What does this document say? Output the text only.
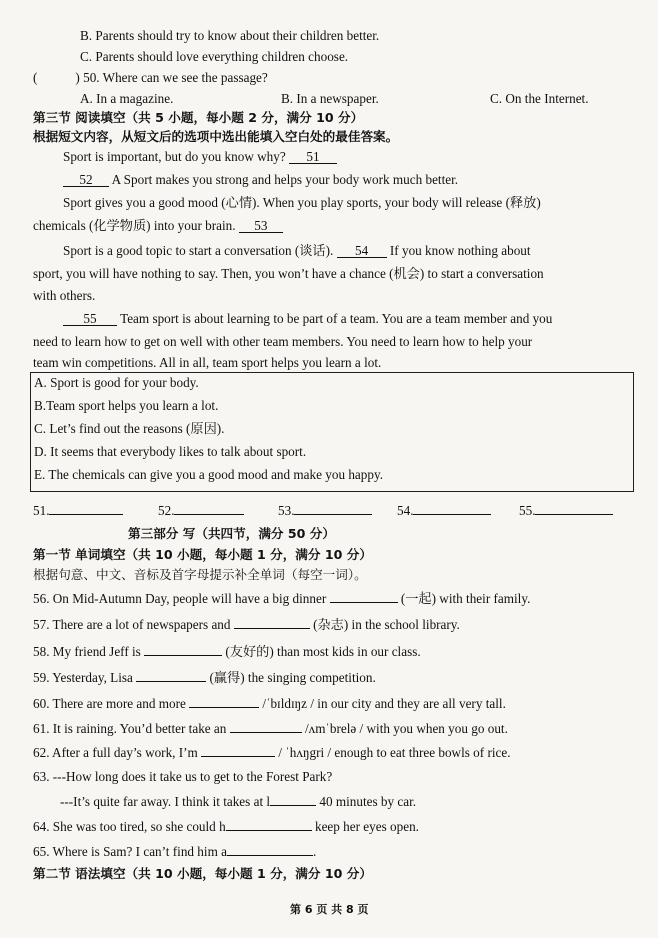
B. Parents should try to know about their children better.
C. Parents should love everything children choose.
(	) 50. Where can we see the passage?
A. In a magazine.	B. In a newspaper.	C. On the Internet.
第三节 阅读填空（共 5 小题，每小题 2 分，满分 10 分）
根据短文内容，从短文后的选项中选出能填入空白处的最佳答案。
Sport is important, but do you know why? 51
52 A Sport makes you strong and helps your body work much better.
Sport gives you a good mood (心情). When you play sports, your body will release (释放)
chemicals (化学物质) into your brain. 53
Sport is a good topic to start a conversation (谈话). 54 If you know nothing about
sport, you will have nothing to say. Then, you won’t have a chance (机会) to start a conversation
with others.
55 Team sport is about learning to be part of a team. You are a team member and you
need to learn how to get on well with other team members. You need to learn how to help your
team win competitions. All in all, team sport helps you learn a lot.
A. Sport is good for your body.
B.Team sport helps you learn a lot.
C. Let’s find out the reasons (原因).
D. It seems that everybody likes to talk about sport.
E. The chemicals can give you a good mood and make you happy.
51.	52.	53.	54.	55.
第三部分 写（共四节，满分 50 分）
第一节 单词填空（共 10 小题，每小题 1 分，满分 10 分）
根据句意、中文、音标及首字母提示补全单词（每空一词）。
56. On Mid-Autumn Day, people will have a big dinner	(一起) with their family.
57. There are a lot of newspapers and	(杂志) in the school library.
58. My friend Jeff is	(友好的) than most kids in our class.
59. Yesterday, Lisa	(赢得) the singing competition.
60. There are more and more	/ˈbɪldɪŋz / in our city and they are all very tall.
61. It is raining. You’d better take an	/ʌmˈbrelə / with you when you go out.
62. After a full day’s work, I’m	/ ˈhʌŋgri / enough to eat three bowls of rice.
63. ---How long does it take us to get to the Forest Park?
---It’s quite far away. I think it takes at l	40 minutes by car.
64. She was too tired, so she could h	keep her eyes open.
65. Where is Sam? I can’t find him a	.
第二节 语法填空（共 10 小题，每小题 1 分，满分 10 分）
第 6 页 共 8 页
